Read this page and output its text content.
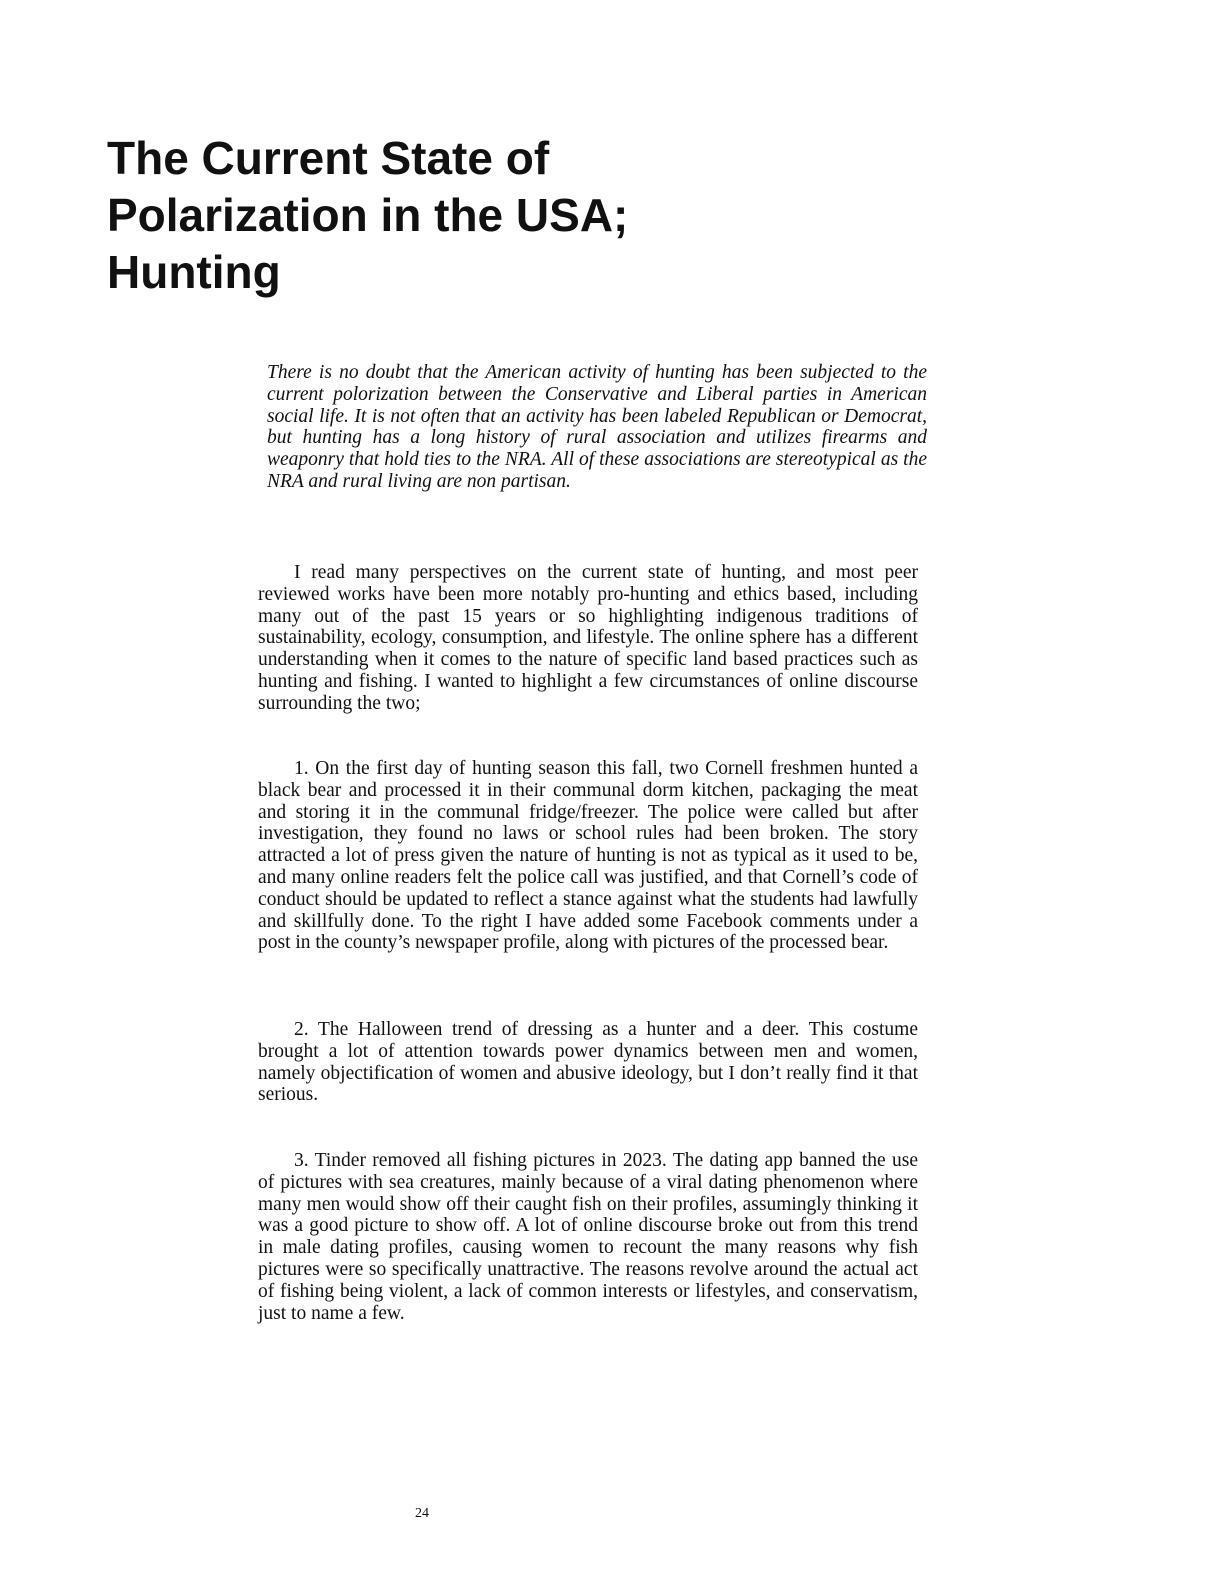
The Current State of
Polarization in the USA;
Hunting

There is no doubt that the American activity of hunting has been subjected to the current polorization between the Conservative and Liberal parties in American social life. It is not often that an activity has been labeled Republican or Democrat, but hunting has a long history of rural association and utilizes firearms and weaponry that hold ties to the NRA. All of these associations are stereotypical as the NRA and rural living are non partisan.

I read many perspectives on the current state of hunting, and most peer reviewed works have been more notably pro-hunting and ethics based, including many out of the past 15 years or so highlighting indigenous traditions of sustainability, ecology, consumption, and lifestyle. The online sphere has a different understanding when it comes to the nature of specific land based practices such as hunting and fishing. I wanted to highlight a few circumstances of online discourse surrounding the two;

1. On the first day of hunting season this fall, two Cornell freshmen hunted a black bear and processed it in their communal dorm kitchen, packaging the meat and storing it in the communal fridge/freezer. The police were called but after investigation, they found no laws or school rules had been broken. The story attracted a lot of press given the nature of hunting is not as typical as it used to be, and many online readers felt the police call was justified, and that Cornell’s code of conduct should be updated to reflect a stance against what the students had lawfully and skillfully done. To the right I have added some Facebook comments under a post in the county’s newspaper profile, along with pictures of the processed bear.

2. The Halloween trend of dressing as a hunter and a deer. This costume brought a lot of attention towards power dynamics between men and women, namely objectification of women and abusive ideology, but I don’t really find it that serious.

3. Tinder removed all fishing pictures in 2023. The dating app banned the use of pictures with sea creatures, mainly because of a viral dating phenomenon where many men would show off their caught fish on their profiles, assumingly thinking it was a good picture to show off. A lot of online discourse broke out from this trend in male dating profiles, causing women to recount the many reasons why fish pictures were so specifically unattractive. The reasons revolve around the actual act of fishing being violent, a lack of common interests or lifestyles, and conservatism, just to name a few.

24
